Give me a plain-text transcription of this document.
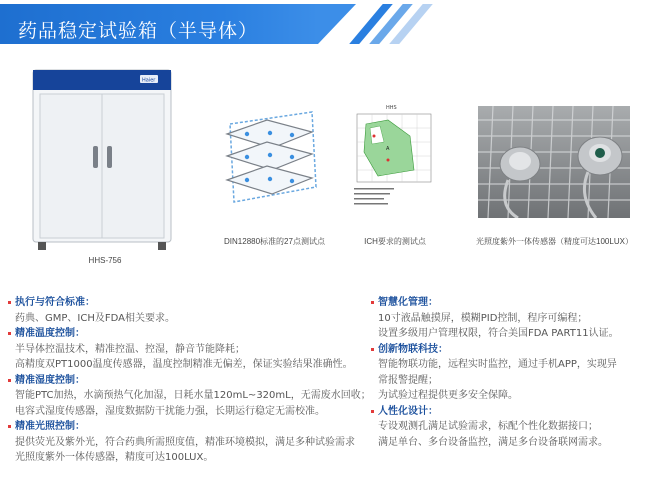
药品稳定试验箱（半导体）
Haier
HHS-756
DIN12880标准的27点测试点
HHS
A
ICH要求的测试点	光照度紫外一体传感器（精度可达100LUX）
执行与符合标准：
药典、GMP、ICH及FDA相关要求。
精准温度控制：
半导体控温技术，精准控温、控湿，静音节能降耗；
高精度双PT1000温度传感器，温度控制精准无偏差，保证实验结果准确性。
精准湿度控制：
智能PTC加热，水滴预热气化加湿，日耗水量120mL~320mL，无需废水回收；
电容式湿度传感器，湿度数据防干扰能力强，长期运行稳定无需校准。
精准光照控制：
提供荧光及紫外光，符合药典所需照度值，精准环境模拟，满足多种试验需求
光照度紫外一体传感器，精度可达100LUX。
智慧化管理：
10寸液晶触摸屏，模糊PID控制，程序可编程；
设置多级用户管理权限，符合美国FDA PART11认证。
创新物联科技：
智能物联功能，远程实时监控，通过手机APP，实现异
常报警提醒；
为试验过程提供更多安全保障。
人性化设计：
专设观测孔满足试验需求，标配个性化数据接口；
满足单台、多台设备监控，满足多台设备联网需求。
